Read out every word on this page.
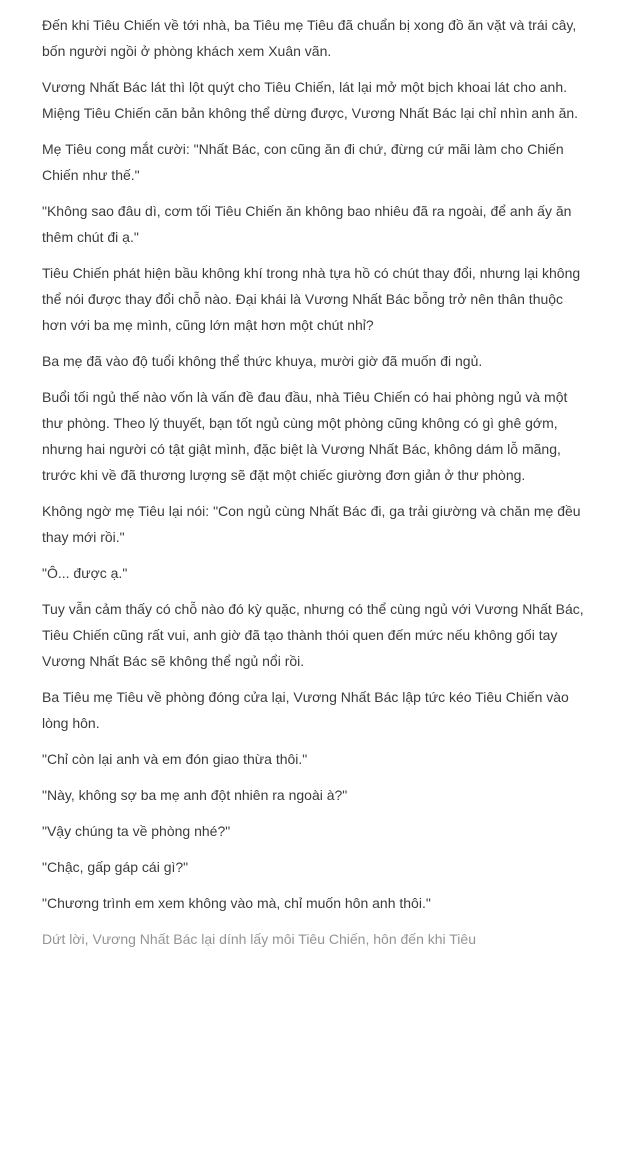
Đến khi Tiêu Chiến về tới nhà, ba Tiêu mẹ Tiêu đã chuẩn bị xong đồ ăn vặt và trái cây, bốn người ngồi ở phòng khách xem Xuân vãn.

Vương Nhất Bác lát thì lột quýt cho Tiêu Chiến, lát lại mở một bịch khoai lát cho anh. Miệng Tiêu Chiến căn bản không thể dừng được, Vương Nhất Bác lại chỉ nhìn anh ăn.

Mẹ Tiêu cong mắt cười: "Nhất Bác, con cũng ăn đi chứ, đừng cứ mãi làm cho Chiến Chiến như thế."

"Không sao đâu dì, cơm tối Tiêu Chiến ăn không bao nhiêu đã ra ngoài, để anh ấy ăn thêm chút đi ạ."

Tiêu Chiến phát hiện bầu không khí trong nhà tựa hồ có chút thay đổi, nhưng lại không thể nói được thay đổi chỗ nào. Đại khái là Vương Nhất Bác bỗng trở nên thân thuộc hơn với ba mẹ mình, cũng lớn mật hơn một chút nhỉ?

Ba mẹ đã vào độ tuổi không thể thức khuya, mười giờ đã muốn đi ngủ.

Buổi tối ngủ thế nào vốn là vấn đề đau đầu, nhà Tiêu Chiến có hai phòng ngủ và một thư phòng. Theo lý thuyết, bạn tốt ngủ cùng một phòng cũng không có gì ghê gớm, nhưng hai người có tật giật mình, đặc biệt là Vương Nhất Bác, không dám lỗ mãng, trước khi về đã thương lượng sẽ đặt một chiếc giường đơn giản ở thư phòng.

Không ngờ mẹ Tiêu lại nói: "Con ngủ cùng Nhất Bác đi, ga trải giường và chăn mẹ đều thay mới rồi."

"Ô... được ạ."

Tuy vẫn cảm thấy có chỗ nào đó kỳ quặc, nhưng có thể cùng ngủ với Vương Nhất Bác, Tiêu Chiến cũng rất vui, anh giờ đã tạo thành thói quen đến mức nếu không gối tay Vương Nhất Bác sẽ không thể ngủ nổi rồi.

Ba Tiêu mẹ Tiêu về phòng đóng cửa lại, Vương Nhất Bác lập tức kéo Tiêu Chiến vào lòng hôn.

"Chỉ còn lại anh và em đón giao thừa thôi."

"Này, không sợ ba mẹ anh đột nhiên ra ngoài à?"

"Vậy chúng ta về phòng nhé?"

"Chậc, gấp gáp cái gì?"

"Chương trình em xem không vào mà, chỉ muốn hôn anh thôi."

Dứt lời, Vương Nhất Bác lại dính lấy môi Tiêu Chiến, hôn đến khi Tiêu
